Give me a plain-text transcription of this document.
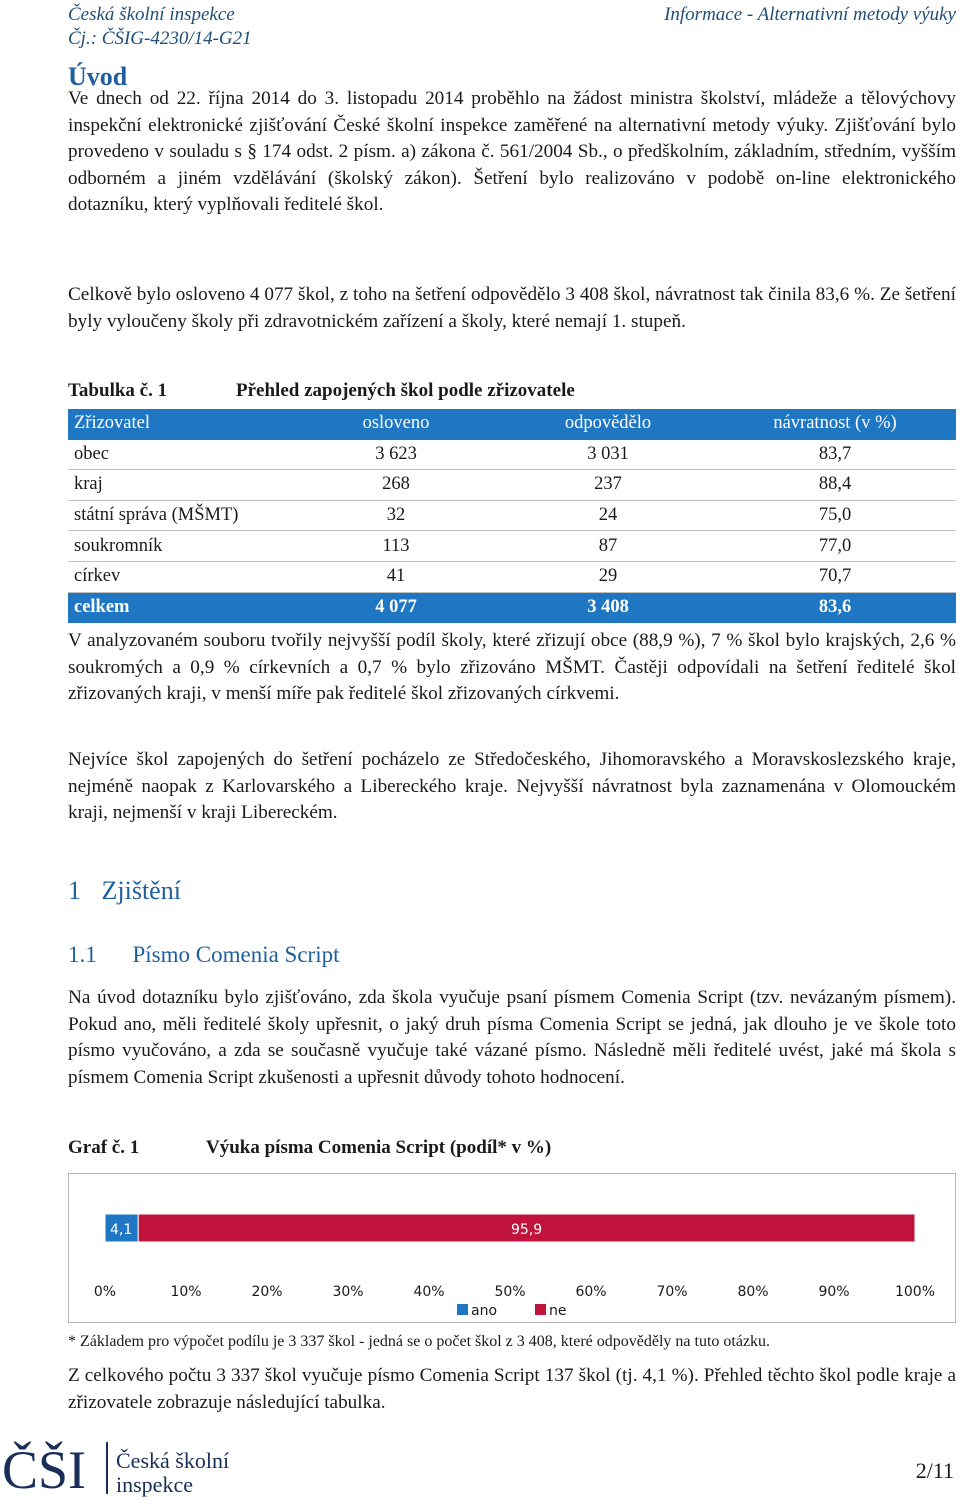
Česká školní inspekce
Čj.: ČŠIG-4230/14-G21
Informace - Alternativní metody výuky
Úvod

Ve dnech od 22. října 2014 do 3. listopadu 2014 proběhlo na žádost ministra školství, mládeže a tělovýchovy inspekční elektronické zjišťování České školní inspekce zaměřené na alternativní metody výuky. Zjišťování bylo provedeno v souladu s § 174 odst. 2 písm. a) zákona č. 561/2004 Sb., o předškolním, základním, středním, vyšším odborném a jiném vzdělávání (školský zákon). Šetření bylo realizováno v podobě on-line elektronického dotazníku, který vyplňovali ředitelé škol.

Celkově bylo osloveno 4 077 škol, z toho na šetření odpovědělo 3 408 škol, návratnost tak činila 83,6 %. Ze šetření byly vyloučeny školy při zdravotnickém zařízení a školy, které nemají 1. stupeň.

Tabulka č. 1	Přehled zapojených škol podle zřizovatele
Zřizovatel	osloveno	odpovědělo	návratnost (v %)
obec	3 623	3 031	83,7
kraj	268	237	88,4
státní správa (MŠMT)	32	24	75,0
soukromník	113	87	77,0
církev	41	29	70,7
celkem	4 077	3 408	83,6

V analyzovaném souboru tvořily nejvyšší podíl školy, které zřizují obce (88,9 %), 7 % škol bylo krajských, 2,6 % soukromých a 0,9 % církevních a 0,7 % bylo zřizováno MŠMT. Častěji odpovídali na šetření ředitelé škol zřizovaných kraji, v menší míře pak ředitelé škol zřizovaných církvemi.

Nejvíce škol zapojených do šetření pocházelo ze Středočeského, Jihomoravského a Moravskoslezského kraje, nejméně naopak z Karlovarského a Libereckého kraje. Nejvyšší návratnost byla zaznamenána v Olomouckém kraji, nejmenší v kraji Libereckém.

1 Zjištění
1.1 Písmo Comenia Script

Na úvod dotazníku bylo zjišťováno, zda škola vyučuje psaní písmem Comenia Script (tzv. nevázaným písmem). Pokud ano, měli ředitelé školy upřesnit, o jaký druh písma Comenia Script se jedná, jak dlouho je ve škole toto písmo vyučováno, a zda se současně vyučuje také vázané písmo. Následně měli ředitelé uvést, jaké má škola s písmem Comenia Script zkušenosti a upřesnit důvody tohoto hodnocení.

Graf č. 1	Výuka písma Comenia Script (podíl* v %)
4,1	95,9
0%	10%	20%	30%	40%	50%	60%	70%	80%	90%	100%
ano	ne
* Základem pro výpočet podílu je 3 337 škol - jedná se o počet škol z 3 408, které odpověděly na tuto otázku.

Z celkového počtu 3 337 škol vyučuje písmo Comenia Script 137 škol (tj. 4,1 %). Přehled těchto škol podle kraje a zřizovatele zobrazuje následující tabulka.

ČŠI Česká školní
inspekce
2/11
